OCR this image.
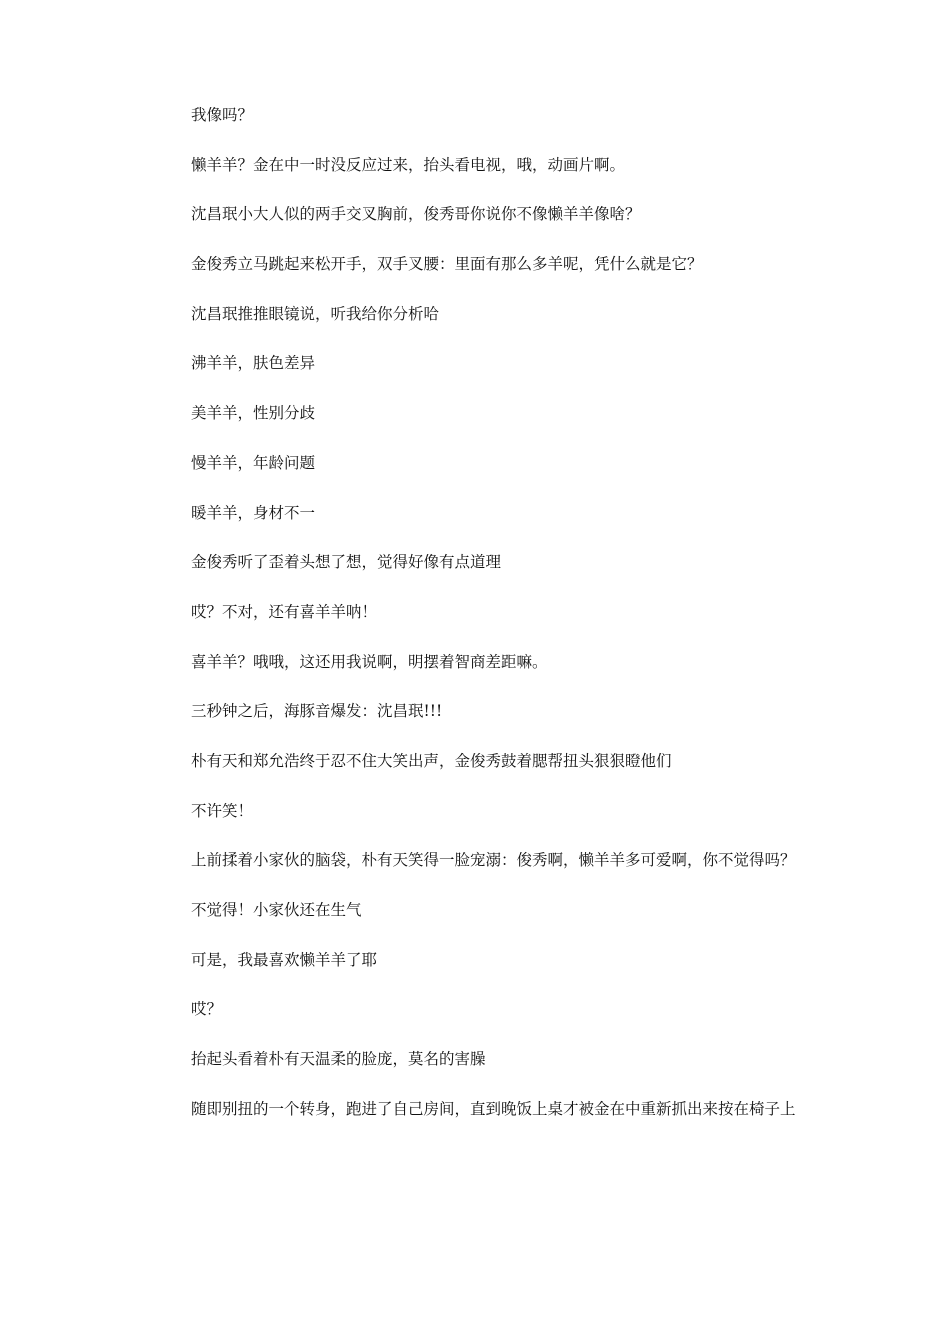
我像吗？

懒羊羊？金在中一时没反应过来，抬头看电视，哦，动画片啊。

沈昌珉小大人似的两手交叉胸前，俊秀哥你说你不像懒羊羊像啥？

金俊秀立马跳起来松开手，双手叉腰：里面有那么多羊呢，凭什么就是它？

沈昌珉推推眼镜说，听我给你分析哈

沸羊羊，肤色差异

美羊羊，性别分歧

慢羊羊，年龄问题

暖羊羊，身材不一

金俊秀听了歪着头想了想，觉得好像有点道理

哎？不对，还有喜羊羊呐！

喜羊羊？哦哦，这还用我说啊，明摆着智商差距嘛。

三秒钟之后，海豚音爆发：沈昌珉!!!

朴有天和郑允浩终于忍不住大笑出声，金俊秀鼓着腮帮扭头狠狠瞪他们

不许笑！

上前揉着小家伙的脑袋，朴有天笑得一脸宠溺：俊秀啊，懒羊羊多可爱啊，你不觉得吗？

不觉得！小家伙还在生气

可是，我最喜欢懒羊羊了耶

哎？

抬起头看着朴有天温柔的脸庞，莫名的害臊

随即别扭的一个转身，跑进了自己房间，直到晚饭上桌才被金在中重新抓出来按在椅子上
